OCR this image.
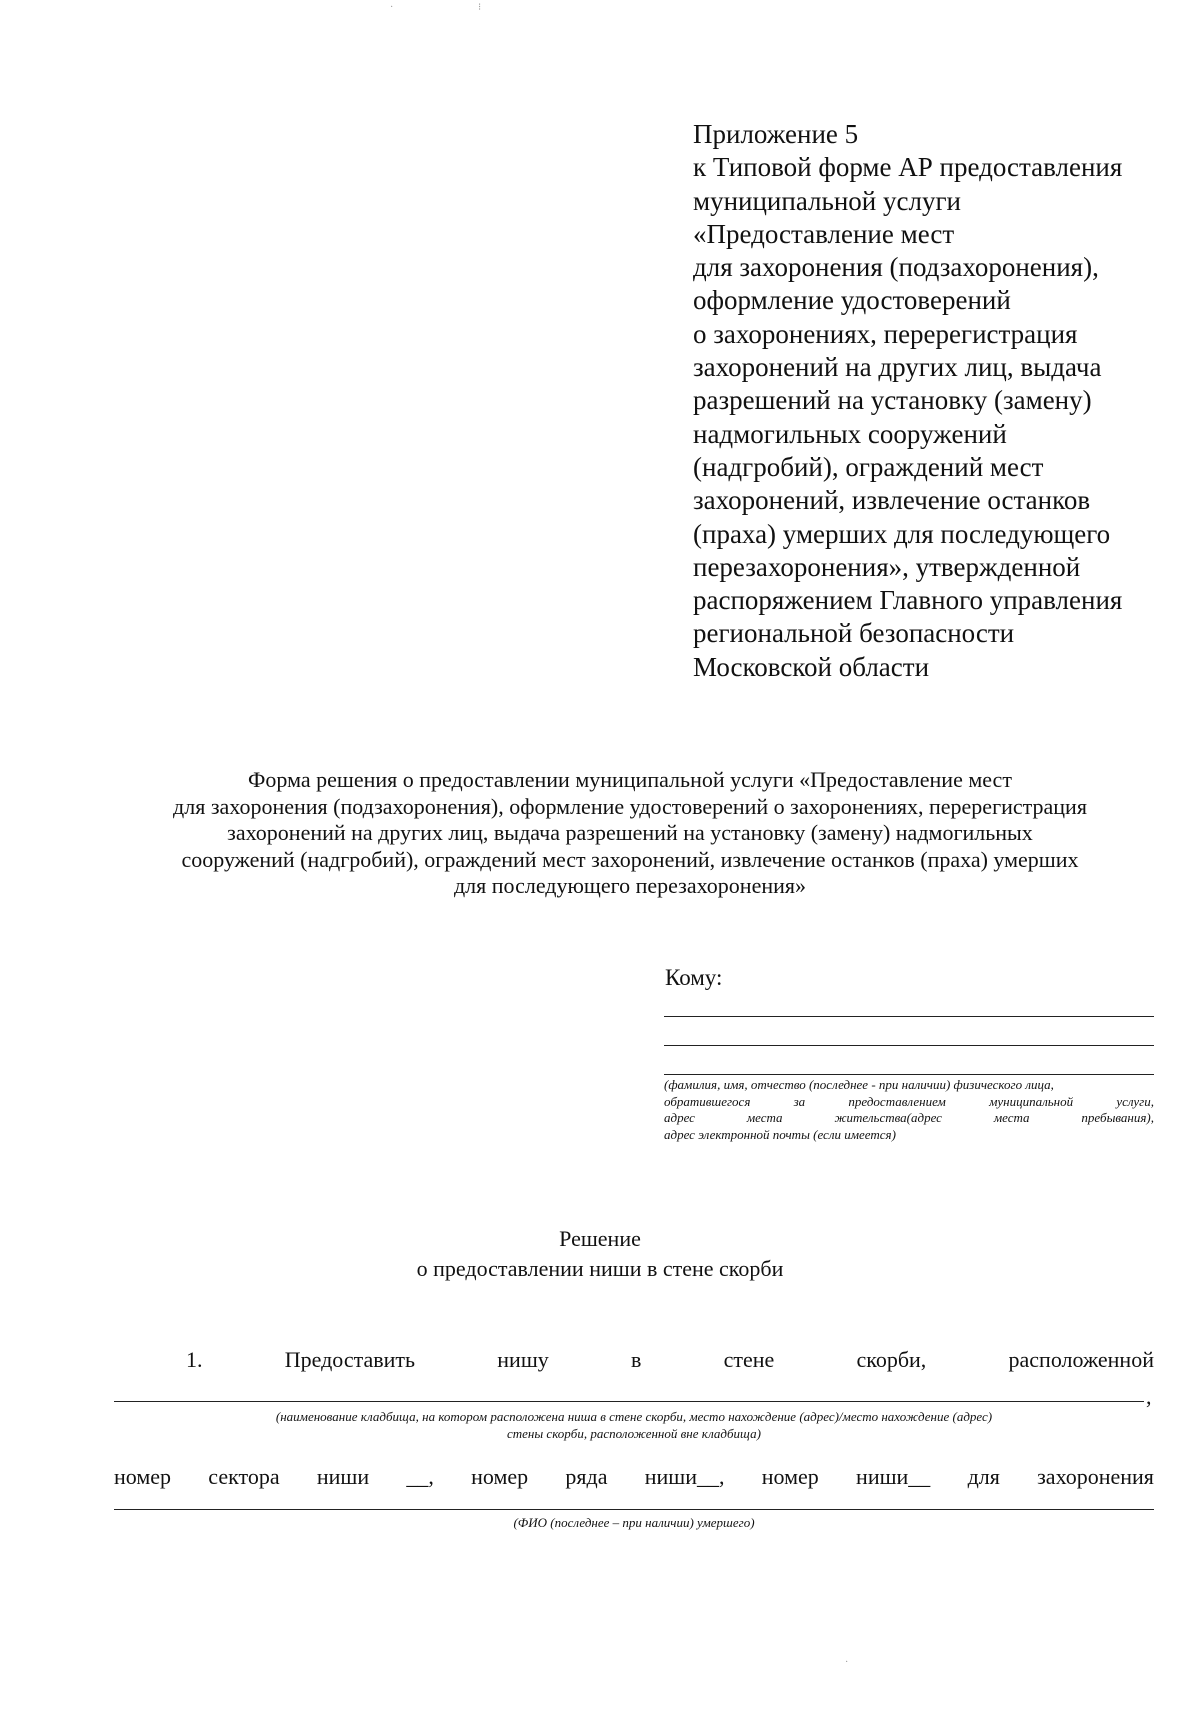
·	⁝
Приложение 5
к Типовой форме АР предоставления
муниципальной услуги
«Предоставление мест
для захоронения (подзахоронения),
оформление удостоверений
о захоронениях, перерегистрация
захоронений на других лиц, выдача
разрешений на установку (замену)
надмогильных сооружений
(надгробий), ограждений мест
захоронений, извлечение останков
(праха) умерших для последующего
перезахоронения», утвержденной
распоряжением Главного управления
региональной безопасности
Московской области
Форма решения о предоставлении муниципальной услуги «Предоставление мест
для захоронения (подзахоронения), оформление удостоверений о захоронениях, перерегистрация
захоронений на других лиц, выдача разрешений на установку (замену) надмогильных
сооружений (надгробий), ограждений мест захоронений, извлечение останков (праха) умерших
для последующего перезахоронения»
Кому:
(фамилия, имя, отчество (последнее - при наличии) физического лица,
обратившегося за предоставлением муниципальной услуги,
адрес места жительства(адрес места пребывания),
адрес электронной почты (если имеется)
Решение
о предоставлении ниши в стене скорби
1.	Предоставить	нишу	в	стене	скорби,	расположенной
,
(наименование кладбища, на котором расположена ниша в стене скорби, место нахождение (адрес)/место нахождение (адрес)
стены скорби, расположенной вне кладбища)
номер сектора ниши __, номер ряда ниши__, номер ниши__ для захоронения
(ФИО (последнее – при наличии) умершего)
·
